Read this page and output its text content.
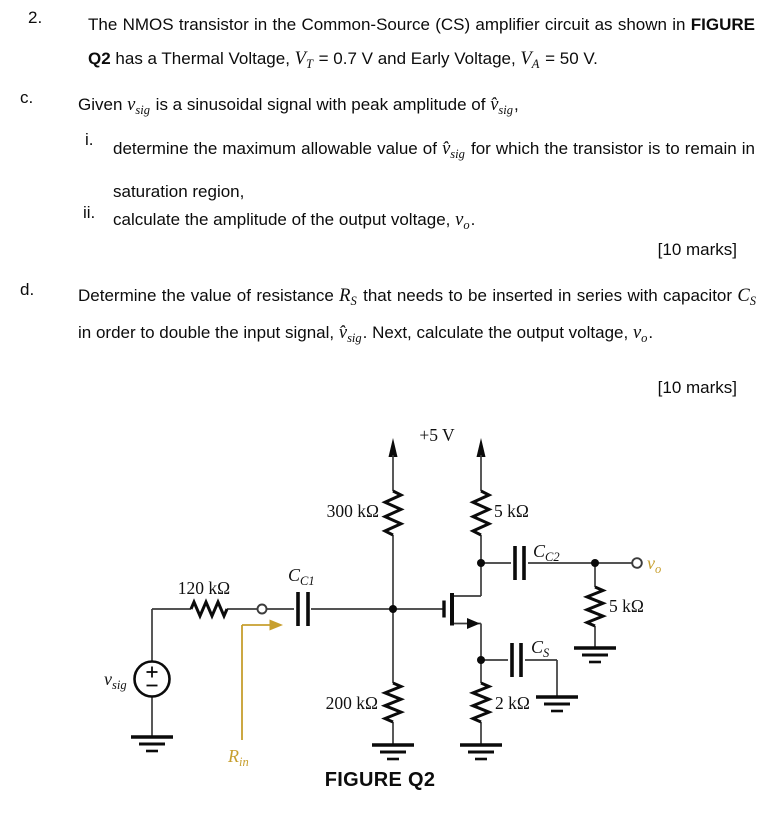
2.	The NMOS transistor in the Common-Source (CS) amplifier circuit as shown in FIGURE Q2 has a Thermal Voltage, $V_T = 0.7$ V and Early Voltage, $V_A = 50$ V.
c.	Given $v_{sig}$ is a sinusoidal signal with peak amplitude of $v̂_{sig}$,
i.	determine the maximum allowable value of $v̂_{sig}$ for which the transistor is to remain in saturation region,
ii.	calculate the amplitude of the output voltage, $v_o$.
[10 marks]
d.	Determine the value of resistance $R_S$ that needs to be inserted in series with capacitor $C_S$ in order to double the input signal, $v̂_{sig}$. Next, calculate the output voltage, $v_o$.
[10 marks]
+5 V
300 kΩ	5 kΩ
120 kΩ
200 kΩ	2 kΩ
5 kΩ
$C_{C1}$
$C_{C2}$
$C_S$
$v_{sig}$
$v_o$
$R_{in}$
FIGURE Q2
